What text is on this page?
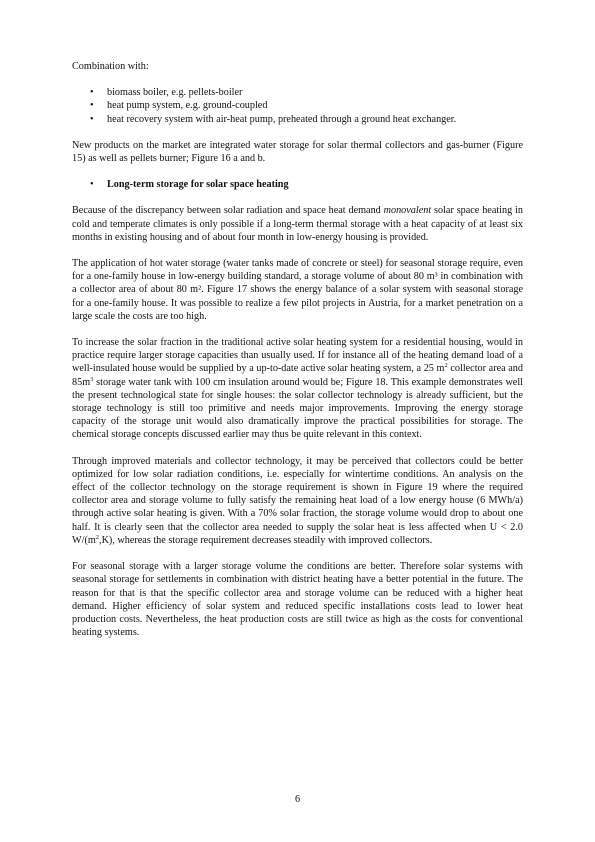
Combination with:

• biomass boiler, e.g. pellets-boiler
• heat pump system, e.g. ground-coupled
• heat recovery system with air-heat pump, preheated through a ground heat exchanger.

New products on the market are integrated water storage for solar thermal collectors and gas-burner (Figure 15) as well as pellets burner; Figure 16 a and b.

• Long-term storage for solar space heating

Because of the discrepancy between solar radiation and space heat demand monovalent solar space heating in cold and temperate climates is only possible if a long-term thermal storage with a heat capacity of at least six months in existing housing and of about four month in low-energy housing is provided.

The application of hot water storage (water tanks made of concrete or steel) for seasonal storage require, even for a one-family house in low-energy building standard, a storage volume of about 80 m³ in combination with a collector area of about 80 m². Figure 17 shows the energy balance of a solar system with seasonal storage for a one-family house. It was possible to realize a few pilot projects in Austria, for a market penetration on a large scale the costs are too high.

To increase the solar fraction in the traditional active solar heating system for a residential housing, would in practice require larger storage capacities than usually used. If for instance all of the heating demand load of a well-insulated house would be supplied by a up-to-date active solar heating system, a 25 $m^2$ collector area and $85m^3$ storage water tank with 100 cm insulation around would be; Figure 18. This example demonstrates well the present technological state for single houses: the solar collector technology is already sufficient, but the storage technology is still too primitive and needs major improvements. Improving the energy storage capacity of the storage unit would also dramatically improve the practical possibilities for storage. The chemical storage concepts discussed earlier may thus be quite relevant in this context.

Through improved materials and collector technology, it may be perceived that collectors could be better optimized for low solar radiation conditions, i.e. especially for wintertime conditions. An analysis on the effect of the collector technology on the storage requirement is shown in Figure 19 where the required collector area and storage volume to fully satisfy the remaining heat load of a low energy house (6 MWh/a) through active solar heating is given. With a 70% solar fraction, the storage volume would drop to about one half. It is clearly seen that the collector area needed to supply the solar heat is less affected when U < 2.0 $W/(m^2,K)$, whereas the storage requirement decreases steadily with improved collectors.

For seasonal storage with a larger storage volume the conditions are better. Therefore solar systems with seasonal storage for settlements in combination with district heating have a better potential in the future. The reason for that is that the specific collector area and storage volume can be reduced with a higher heat demand. Higher efficiency of solar system and reduced specific installations costs lead to lower heat production costs. Nevertheless, the heat production costs are still twice as high as the costs for conventional heating systems.

6
